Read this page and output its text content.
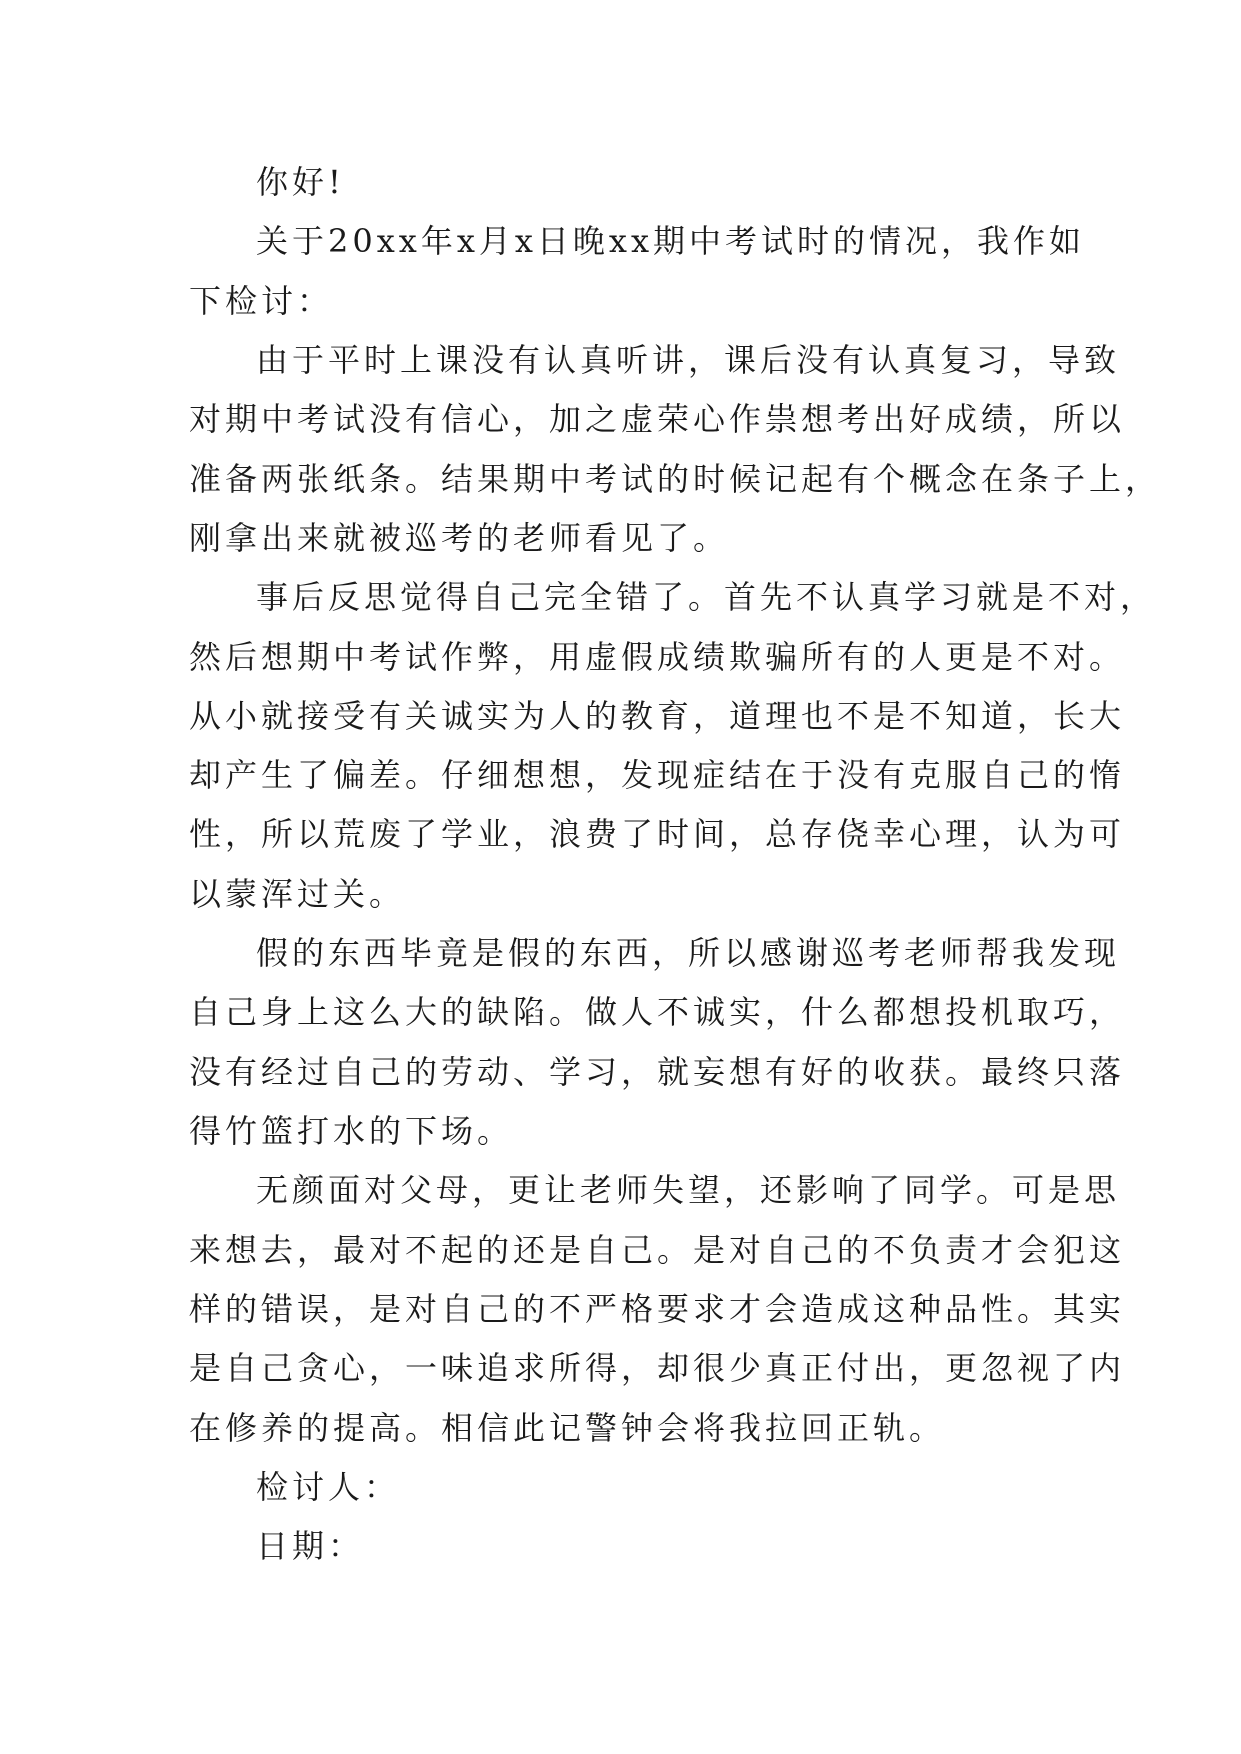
你好!
关于20xx年x月x日晚xx期中考试时的情况，我作如
下检讨：
由于平时上课没有认真听讲，课后没有认真复习，导致
对期中考试没有信心，加之虚荣心作祟想考出好成绩，所以
准备两张纸条。结果期中考试的时候记起有个概念在条子上，
刚拿出来就被巡考的老师看见了。
事后反思觉得自己完全错了。首先不认真学习就是不对，
然后想期中考试作弊，用虚假成绩欺骗所有的人更是不对。
从小就接受有关诚实为人的教育，道理也不是不知道，长大
却产生了偏差。仔细想想，发现症结在于没有克服自己的惰
性，所以荒废了学业，浪费了时间，总存侥幸心理，认为可
以蒙浑过关。
假的东西毕竟是假的东西，所以感谢巡考老师帮我发现
自己身上这么大的缺陷。做人不诚实，什么都想投机取巧，
没有经过自己的劳动、学习，就妄想有好的收获。最终只落
得竹篮打水的下场。
无颜面对父母，更让老师失望，还影响了同学。可是思
来想去，最对不起的还是自己。是对自己的不负责才会犯这
样的错误，是对自己的不严格要求才会造成这种品性。其实
是自己贪心，一味追求所得，却很少真正付出，更忽视了内
在修养的提高。相信此记警钟会将我拉回正轨。
检讨人：
日期：
